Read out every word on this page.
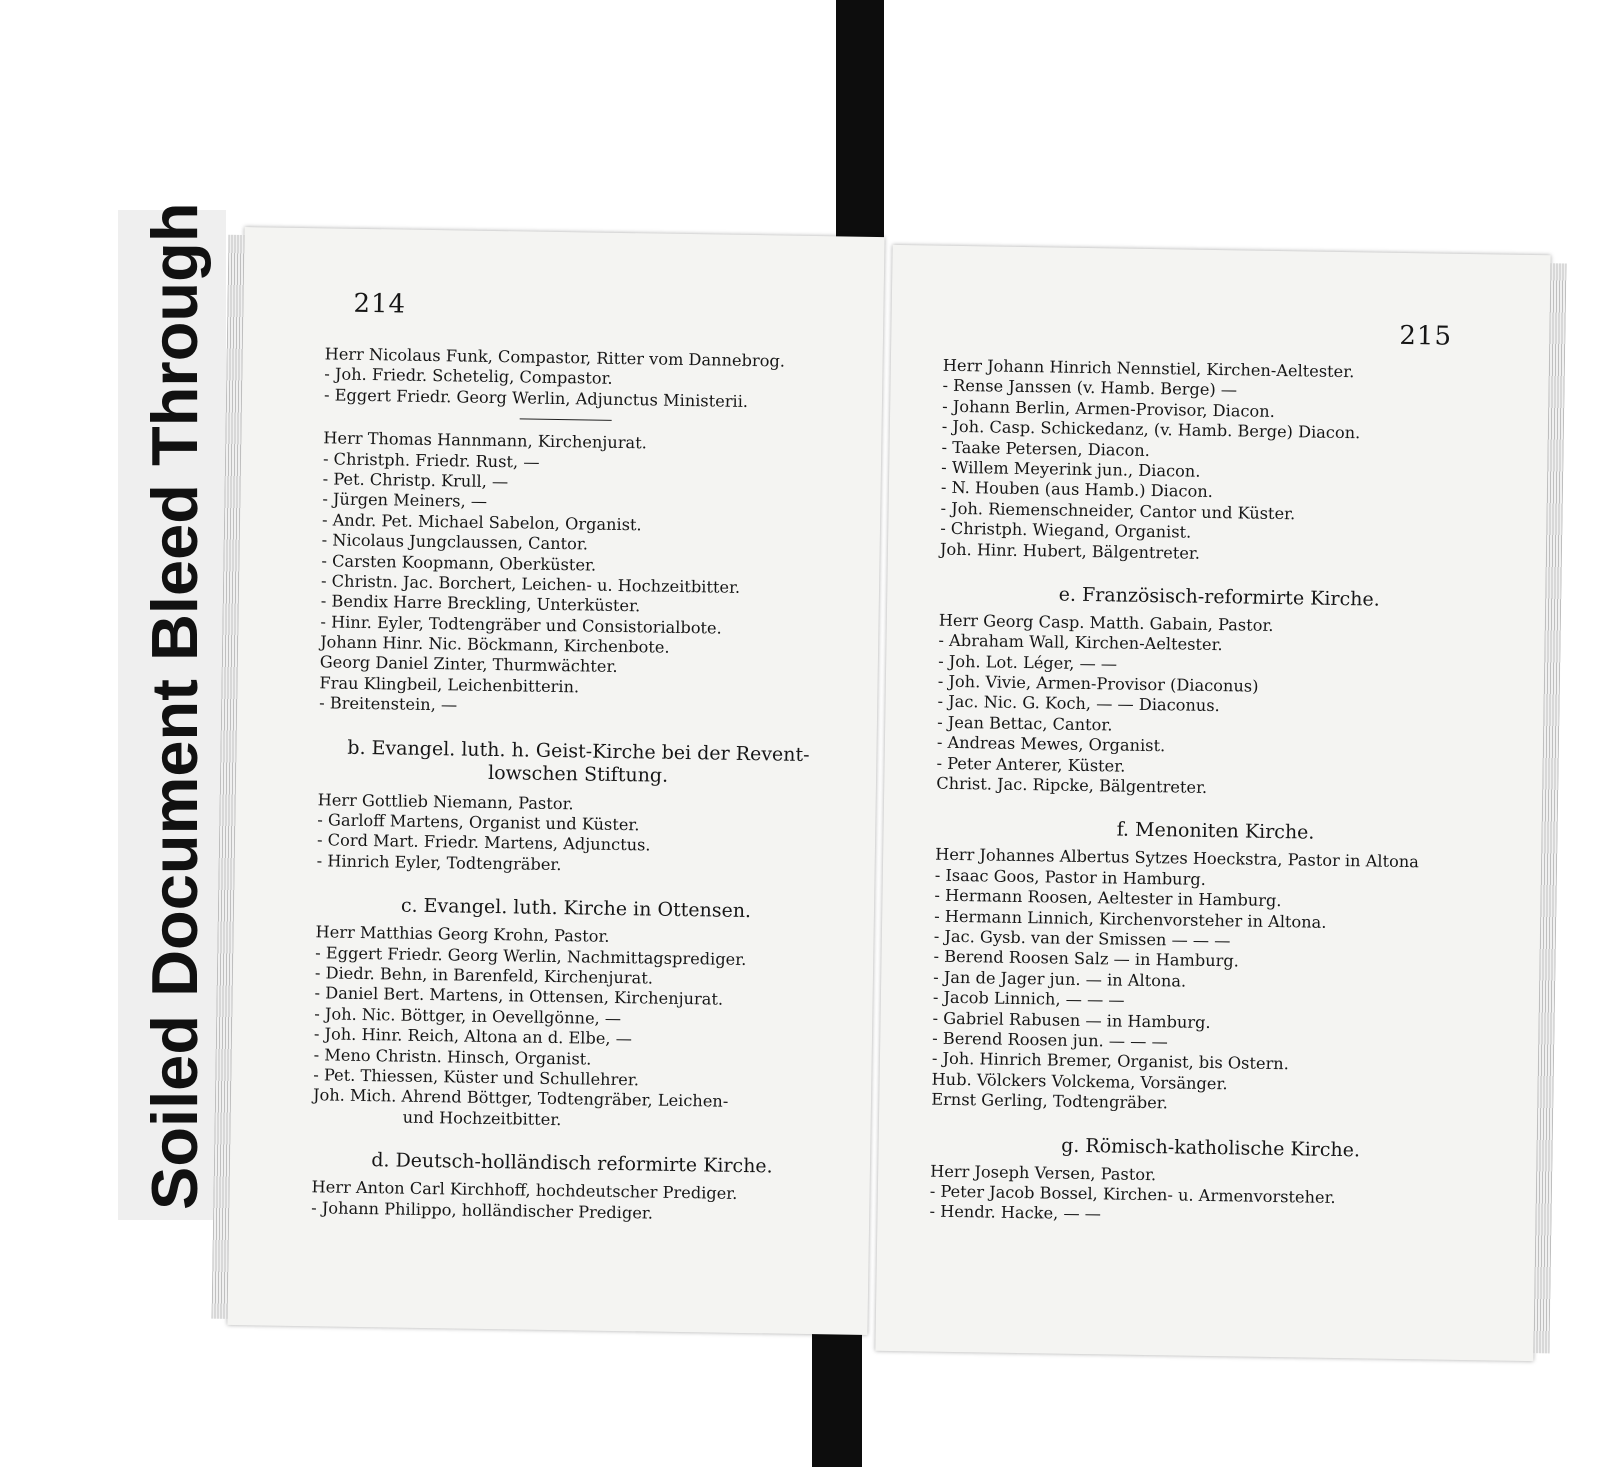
Soiled Document Bleed Through	214
Herr Nicolaus Funk, Compastor, Ritter vom Dannebrog.
- Joh. Friedr. Schetelig, Compastor.
- Eggert Friedr. Georg Werlin, Adjunctus Ministerii.
Herr Thomas Hannmann, Kirchenjurat.
- Christph. Friedr. Rust, —
- Pet. Christp. Krull, —
- Jürgen Meiners, —
- Andr. Pet. Michael Sabelon, Organist.
- Nicolaus Jungclaussen, Cantor.
- Carsten Koopmann, Oberküster.
- Christn. Jac. Borchert, Leichen- u. Hochzeitbitter.
- Bendix Harre Breckling, Unterküster.
- Hinr. Eyler, Todtengräber und Consistorialbote.
Johann Hinr. Nic. Böckmann, Kirchenbote.
Georg Daniel Zinter, Thurmwächter.
Frau Klingbeil, Leichenbitterin.
- Breitenstein, —
b. Evangel. luth. h. Geist-Kirche bei der Revent-
lowschen Stiftung.
Herr Gottlieb Niemann, Pastor.
- Garloff Martens, Organist und Küster.
- Cord Mart. Friedr. Martens, Adjunctus.
- Hinrich Eyler, Todtengräber.
c. Evangel. luth. Kirche in Ottensen.
Herr Matthias Georg Krohn, Pastor.
- Eggert Friedr. Georg Werlin, Nachmittagsprediger.
- Diedr. Behn, in Barenfeld, Kirchenjurat.
- Daniel Bert. Martens, in Ottensen, Kirchenjurat.
- Joh. Nic. Böttger, in Oevellgönne, —
- Joh. Hinr. Reich, Altona an d. Elbe, —
- Meno Christn. Hinsch, Organist.
- Pet. Thiessen, Küster und Schullehrer.
Joh. Mich. Ahrend Böttger, Todtengräber, Leichen-
und Hochzeitbitter.
d. Deutsch-holländisch reformirte Kirche.
Herr Anton Carl Kirchhoff, hochdeutscher Prediger.
- Johann Philippo, holländischer Prediger.
215
Herr Johann Hinrich Nennstiel, Kirchen-Aeltester.
- Rense Janssen (v. Hamb. Berge) —
- Johann Berlin, Armen-Provisor, Diacon.
- Joh. Casp. Schickedanz, (v. Hamb. Berge) Diacon.
- Taake Petersen, Diacon.
- Willem Meyerink jun., Diacon.
- N. Houben (aus Hamb.) Diacon.
- Joh. Riemenschneider, Cantor und Küster.
- Christph. Wiegand, Organist.
Joh. Hinr. Hubert, Bälgentreter.
e. Französisch-reformirte Kirche.
Herr Georg Casp. Matth. Gabain, Pastor.
- Abraham Wall, Kirchen-Aeltester.
- Joh. Lot. Léger, — —
- Joh. Vivie, Armen-Provisor (Diaconus)
- Jac. Nic. G. Koch, — — Diaconus.
- Jean Bettac, Cantor.
- Andreas Mewes, Organist.
- Peter Anterer, Küster.
Christ. Jac. Ripcke, Bälgentreter.
f. Menoniten Kirche.
Herr Johannes Albertus Sytzes Hoeckstra, Pastor in Altona
- Isaac Goos, Pastor in Hamburg.
- Hermann Roosen, Aeltester in Hamburg.
- Hermann Linnich, Kirchenvorsteher in Altona.
- Jac. Gysb. van der Smissen — — —
- Berend Roosen Salz — in Hamburg.
- Jan de Jager jun. — in Altona.
- Jacob Linnich, — — —
- Gabriel Rabusen — in Hamburg.
- Berend Roosen jun. — — —
- Joh. Hinrich Bremer, Organist, bis Ostern.
Hub. Völckers Volckema, Vorsänger.
Ernst Gerling, Todtengräber.
g. Römisch-katholische Kirche.
Herr Joseph Versen, Pastor.
- Peter Jacob Bossel, Kirchen- u. Armenvorsteher.
- Hendr. Hacke, — —
